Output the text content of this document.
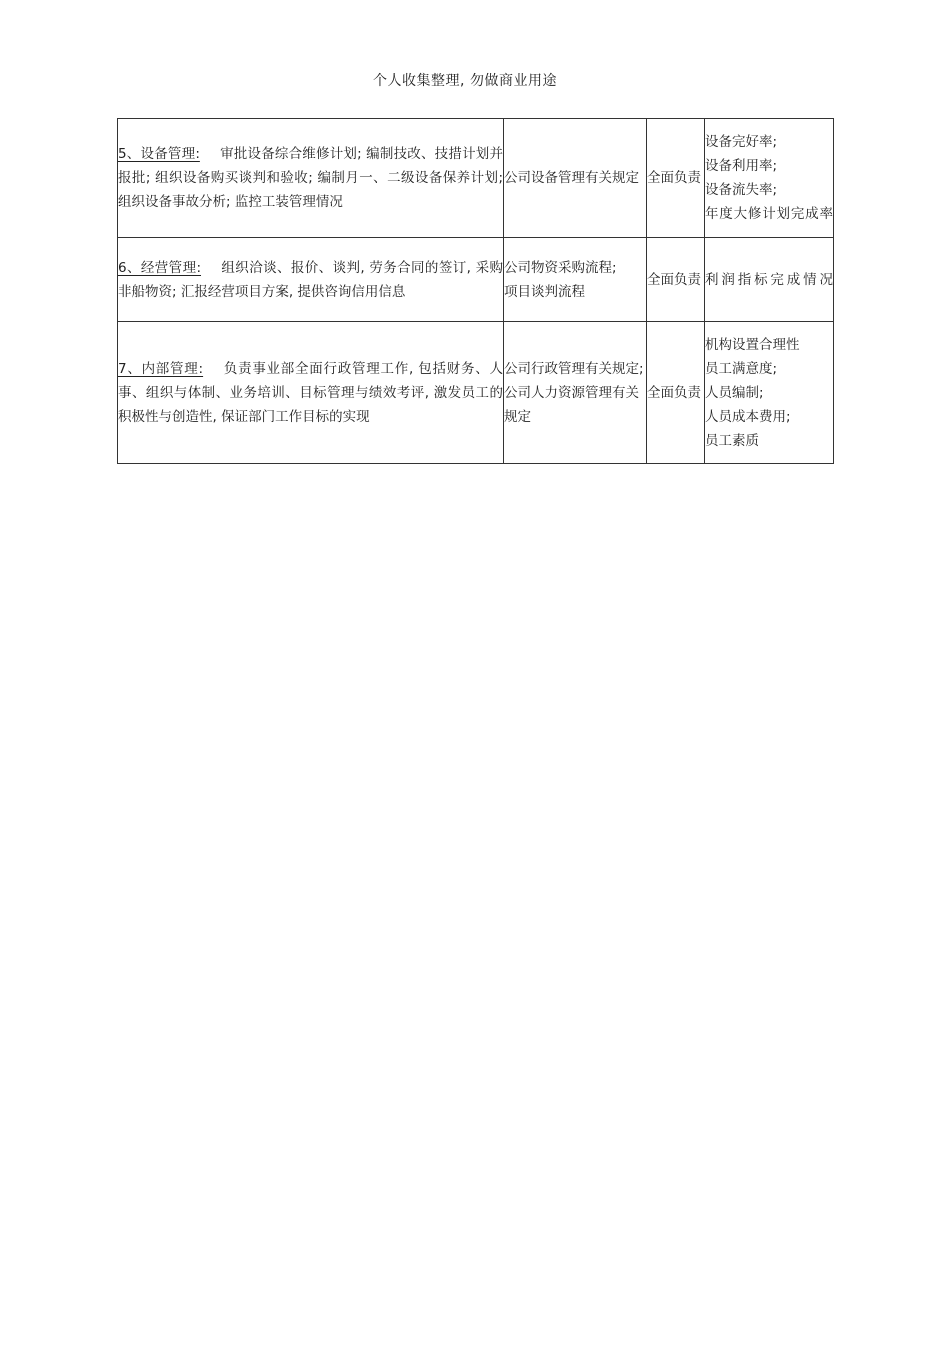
个人收集整理, 勿做商业用途
5、设备管理: 审批设备综合维修计划; 编制技改、技措计划并报批; 组织设备购买谈判和验收; 编制月一、二级设备保养计划; 组织设备事故分析; 监控工装管理情况	公司设备管理有关规定	全面负责	设备完好率;
设备利用率;
设备流失率;
年度大修计划完成率

6、经营管理: 组织洽谈、报价、谈判, 劳务合同的签订, 采购非船物资; 汇报经营项目方案, 提供咨询信用信息	公司物资采购流程;
项目谈判流程	全面负责	利润指标完成情况

7、内部管理: 负责事业部全面行政管理工作, 包括财务、人事、组织与体制、业务培训、目标管理与绩效考评, 激发员工的积极性与创造性, 保证部门工作目标的实现	公司行政管理有关规定;
公司人力资源管理有关规定	全面负责	机构设置合理性
员工满意度;
人员编制;
人员成本费用;
员工素质
